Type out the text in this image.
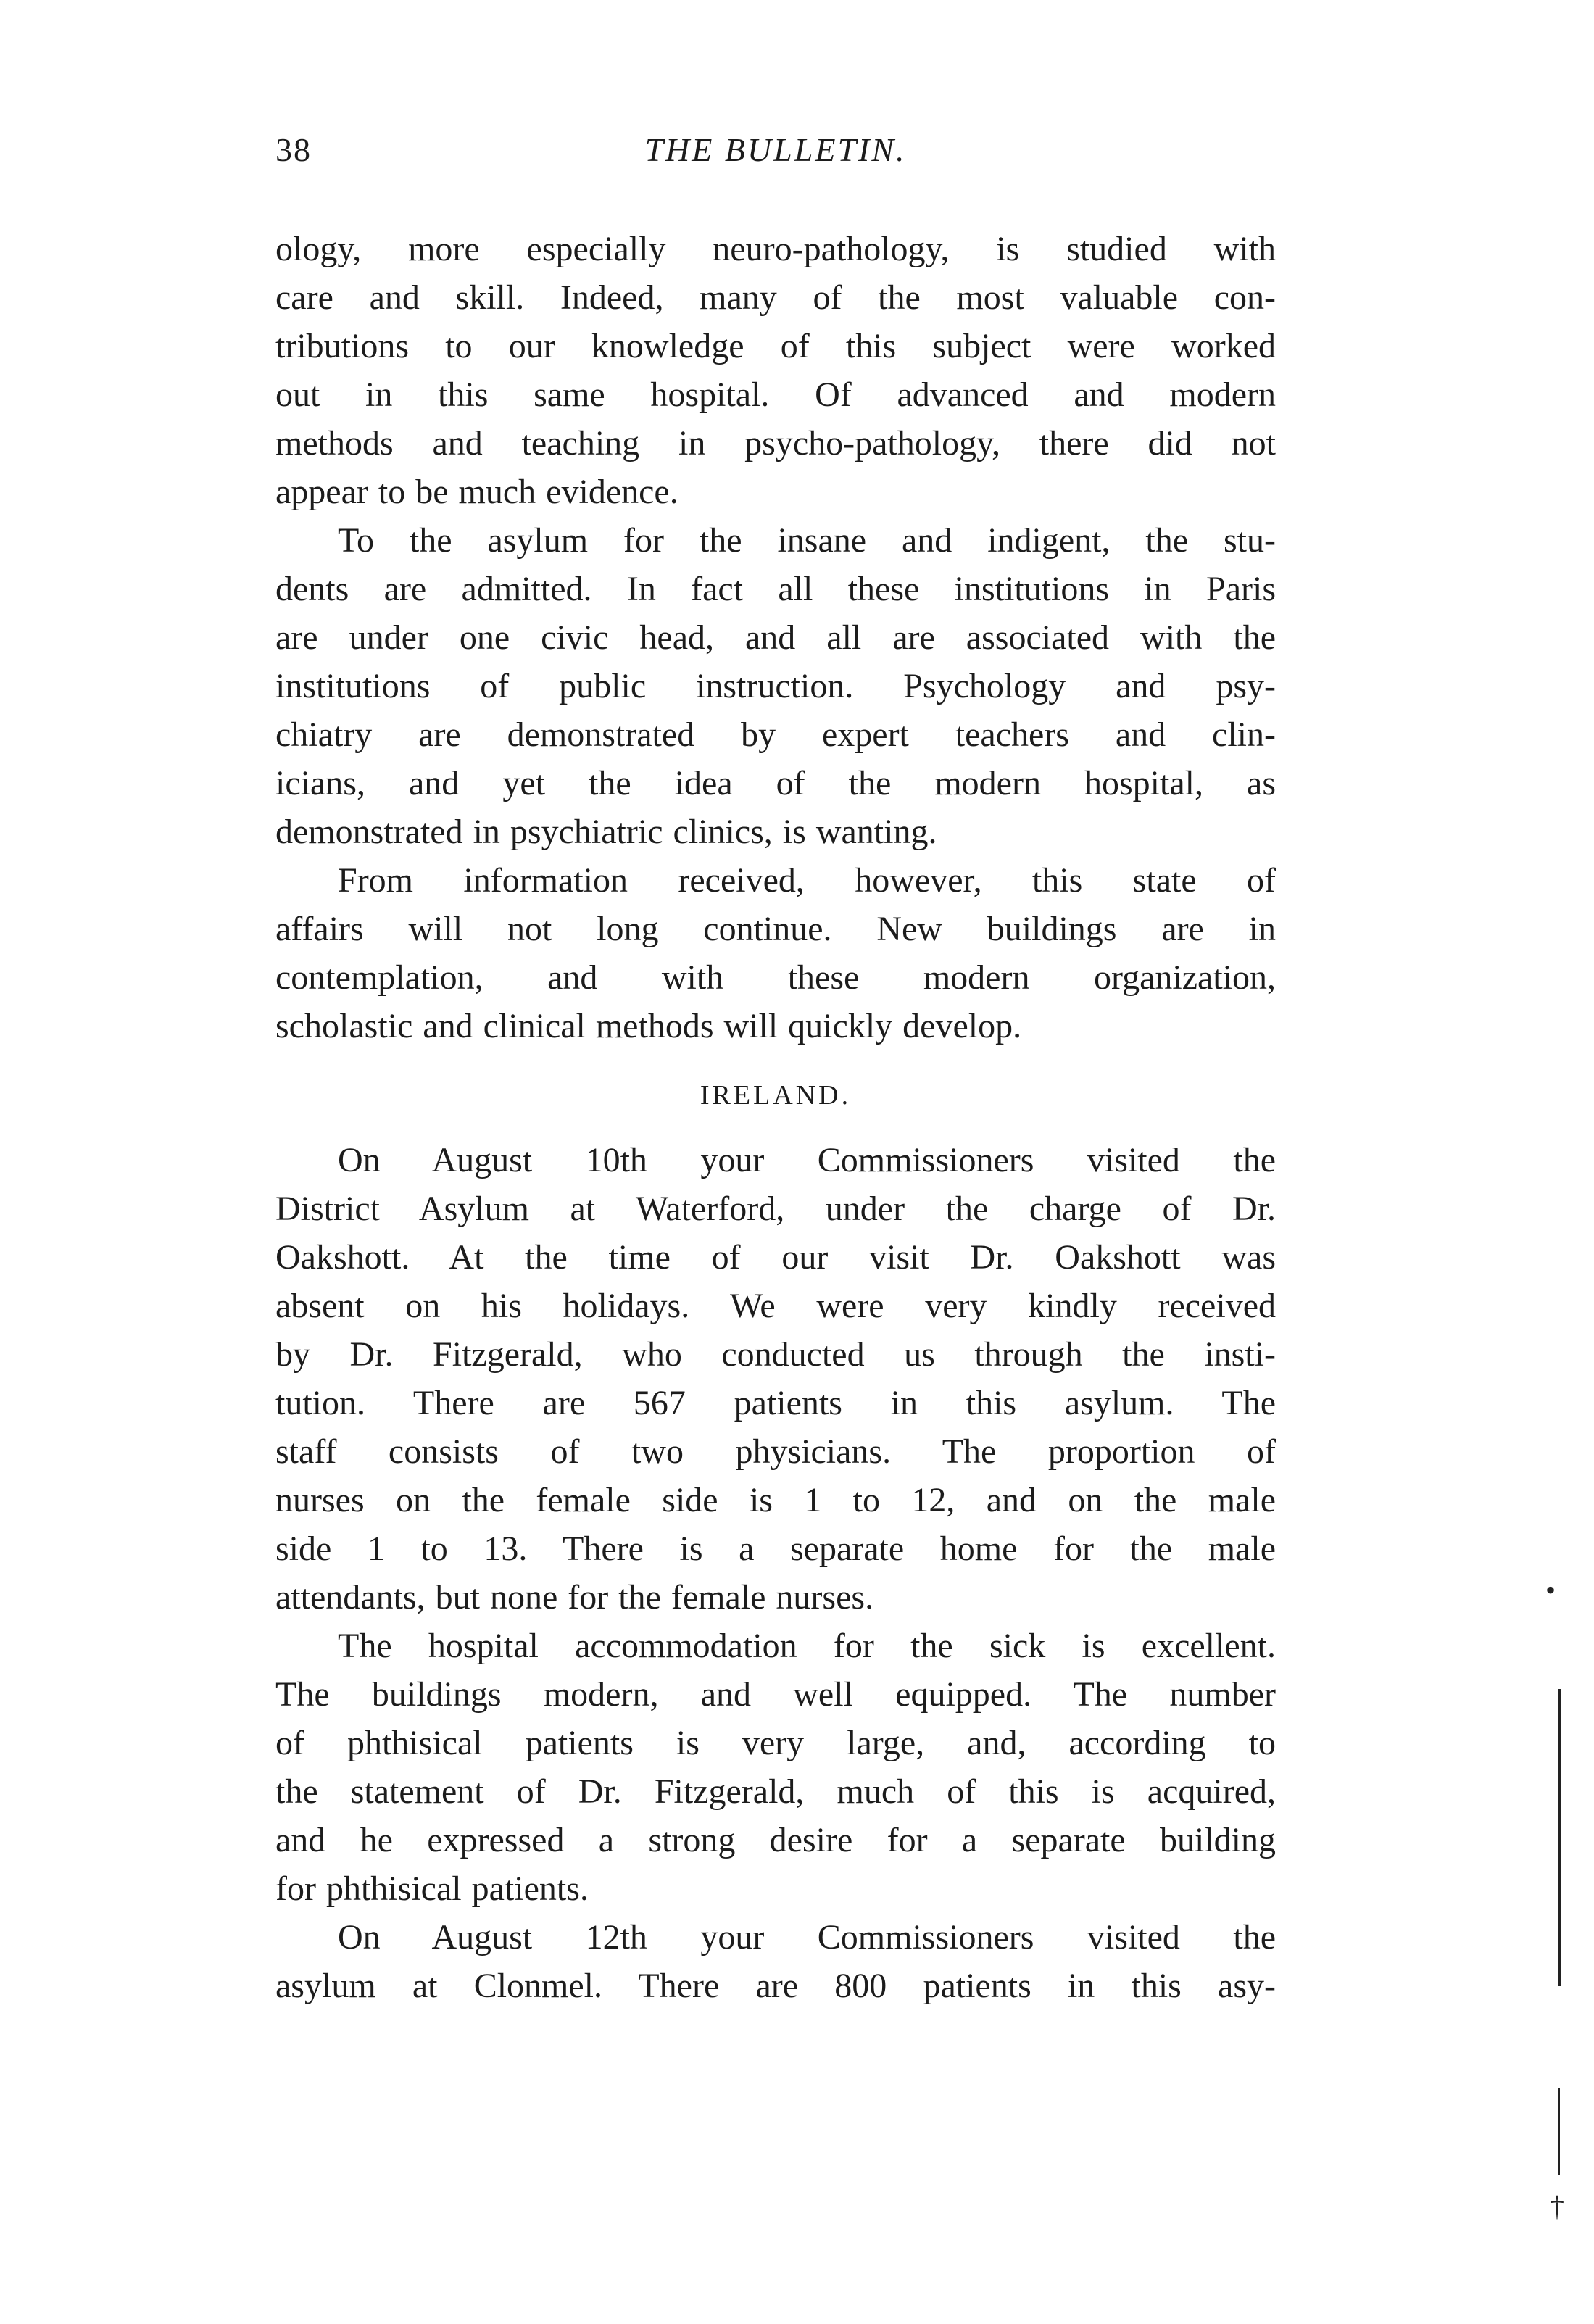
38	THE BULLETIN.

ology, more especially neuro-pathology, is studied with

care and skill. Indeed, many of the most valuable con-

tributions to our knowledge of this subject were worked

out in this same hospital. Of advanced and modern

methods and teaching in psycho-pathology, there did not

appear to be much evidence.

To the asylum for the insane and indigent, the stu-

dents are admitted. In fact all these institutions in Paris

are under one civic head, and all are associated with the

institutions of public instruction. Psychology and psy-

chiatry are demonstrated by expert teachers and clin-

icians, and yet the idea of the modern hospital, as

demonstrated in psychiatric clinics, is wanting.

From information received, however, this state of

affairs will not long continue. New buildings are in

contemplation, and with these modern organization,

scholastic and clinical methods will quickly develop.

IRELAND.

On August 10th your Commissioners visited the

District Asylum at Waterford, under the charge of Dr.

Oakshott. At the time of our visit Dr. Oakshott was

absent on his holidays. We were very kindly received

by Dr. Fitzgerald, who conducted us through the insti-

tution. There are 567 patients in this asylum. The

staff consists of two physicians. The proportion of

nurses on the female side is 1 to 12, and on the male

side 1 to 13. There is a separate home for the male

attendants, but none for the female nurses.

The hospital accommodation for the sick is excellent.

The buildings modern, and well equipped. The number

of phthisical patients is very large, and, according to

the statement of Dr. Fitzgerald, much of this is acquired,

and he expressed a strong desire for a separate building

for phthisical patients.

On August 12th your Commissioners visited the

asylum at Clonmel. There are 800 patients in this asy-

•
†
